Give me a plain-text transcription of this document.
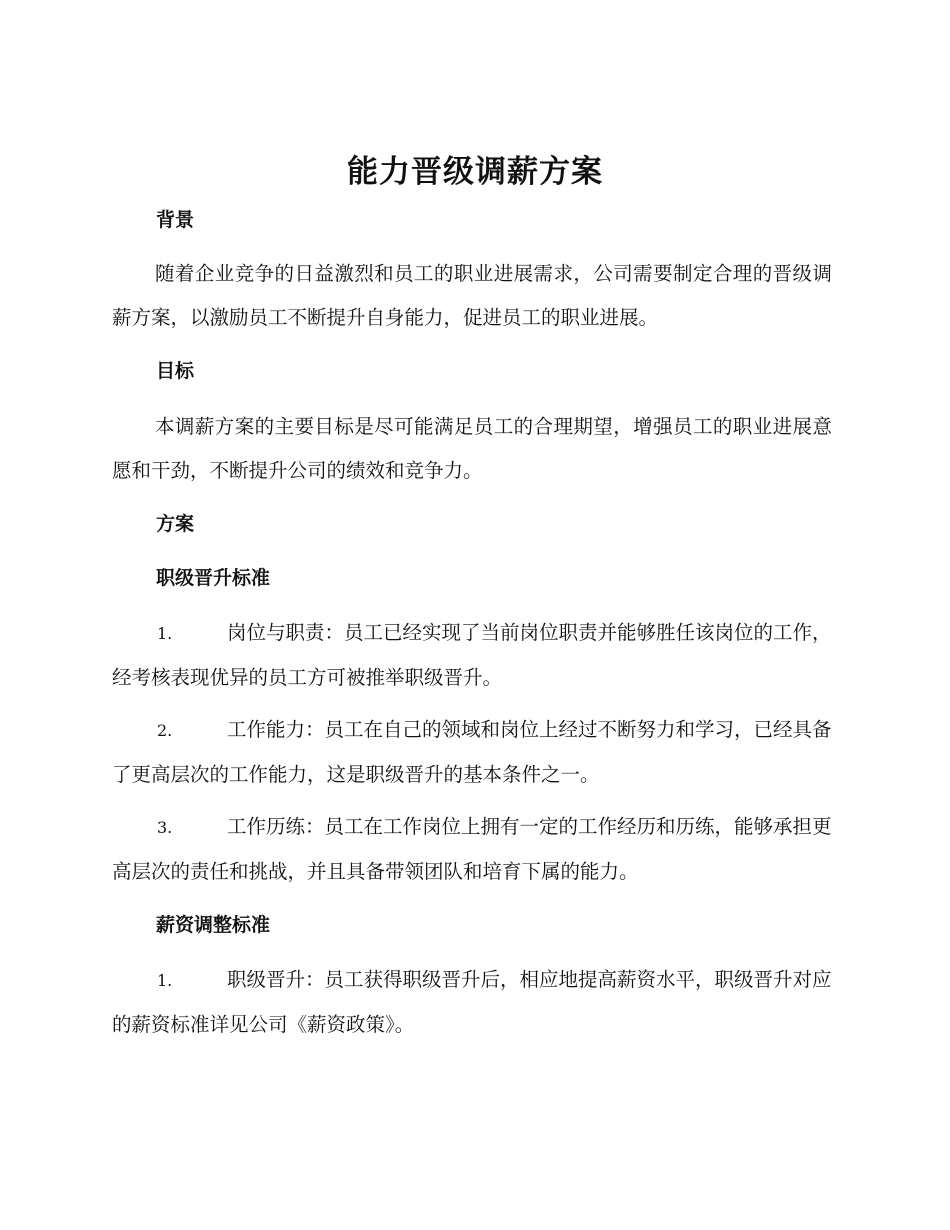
能力晋级调薪方案
背景

随着企业竞争的日益激烈和员工的职业进展需求，公司需要制定合理的晋级调薪方案，以激励员工不断提升自身能力，促进员工的职业进展。

目标

本调薪方案的主要目标是尽可能满足员工的合理期望，增强员工的职业进展意愿和干劲，不断提升公司的绩效和竞争力。

方案
职级晋升标准

1.	岗位与职责：员工已经实现了当前岗位职责并能够胜任该岗位的工作，经考核表现优异的员工方可被推举职级晋升。

2.	工作能力：员工在自己的领域和岗位上经过不断努力和学习，已经具备了更高层次的工作能力，这是职级晋升的基本条件之一。

3.	工作历练：员工在工作岗位上拥有一定的工作经历和历练，能够承担更高层次的责任和挑战，并且具备带领团队和培育下属的能力。

薪资调整标准

1.	职级晋升：员工获得职级晋升后，相应地提高薪资水平，职级晋升对应的薪资标准详见公司《薪资政策》。
